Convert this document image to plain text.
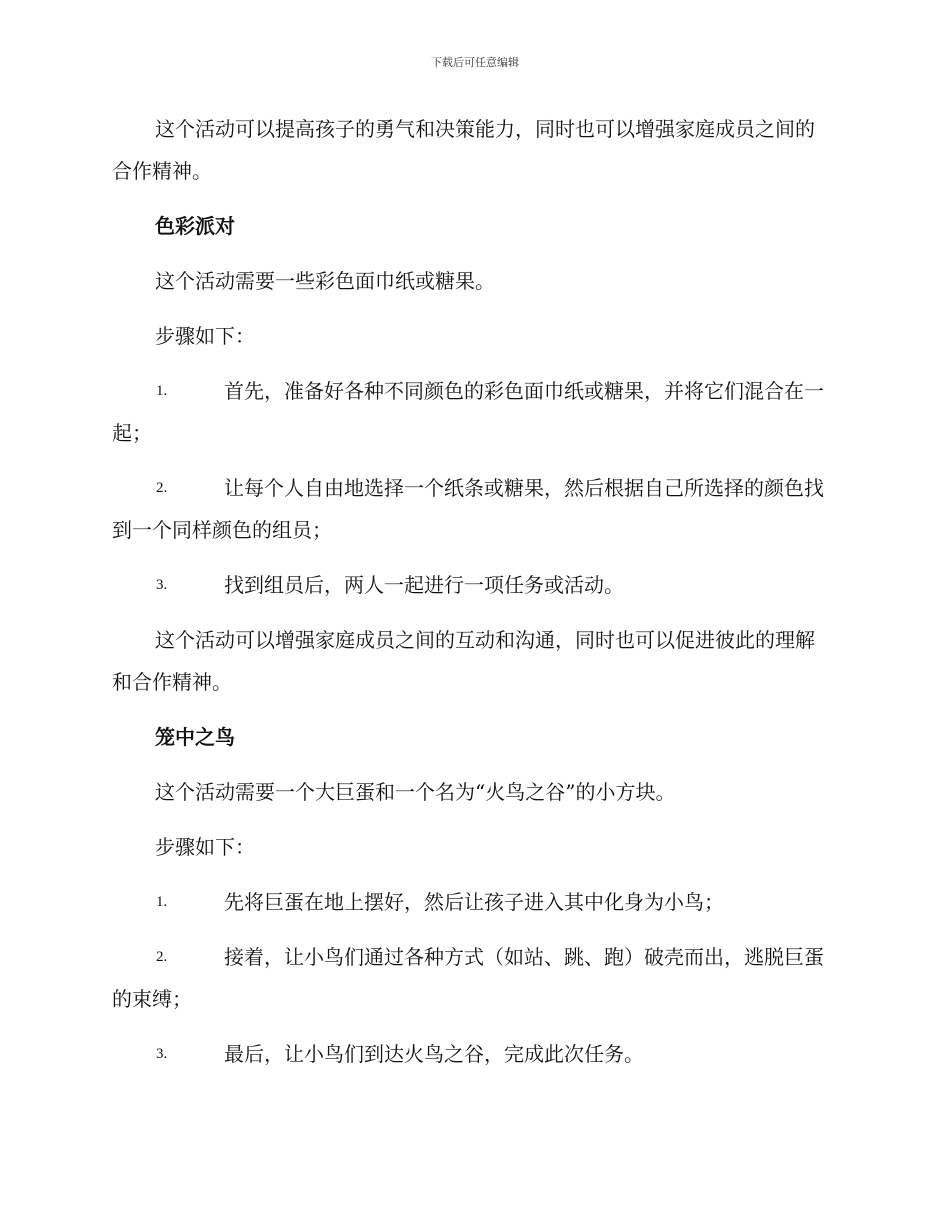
下载后可任意编辑

这个活动可以提高孩子的勇气和决策能力，同时也可以增强家庭成员之间的合作精神。

色彩派对

这个活动需要一些彩色面巾纸或糖果。

步骤如下：

1.	首先，准备好各种不同颜色的彩色面巾纸或糖果，并将它们混合在一起；

2.	让每个人自由地选择一个纸条或糖果，然后根据自己所选择的颜色找到一个同样颜色的组员；

3.	找到组员后，两人一起进行一项任务或活动。

这个活动可以增强家庭成员之间的互动和沟通，同时也可以促进彼此的理解和合作精神。

笼中之鸟

这个活动需要一个大巨蛋和一个名为“火鸟之谷”的小方块。

步骤如下：

1.	先将巨蛋在地上摆好，然后让孩子进入其中化身为小鸟；

2.	接着，让小鸟们通过各种方式（如站、跳、跑）破壳而出，逃脱巨蛋的束缚；

3.	最后，让小鸟们到达火鸟之谷，完成此次任务。
